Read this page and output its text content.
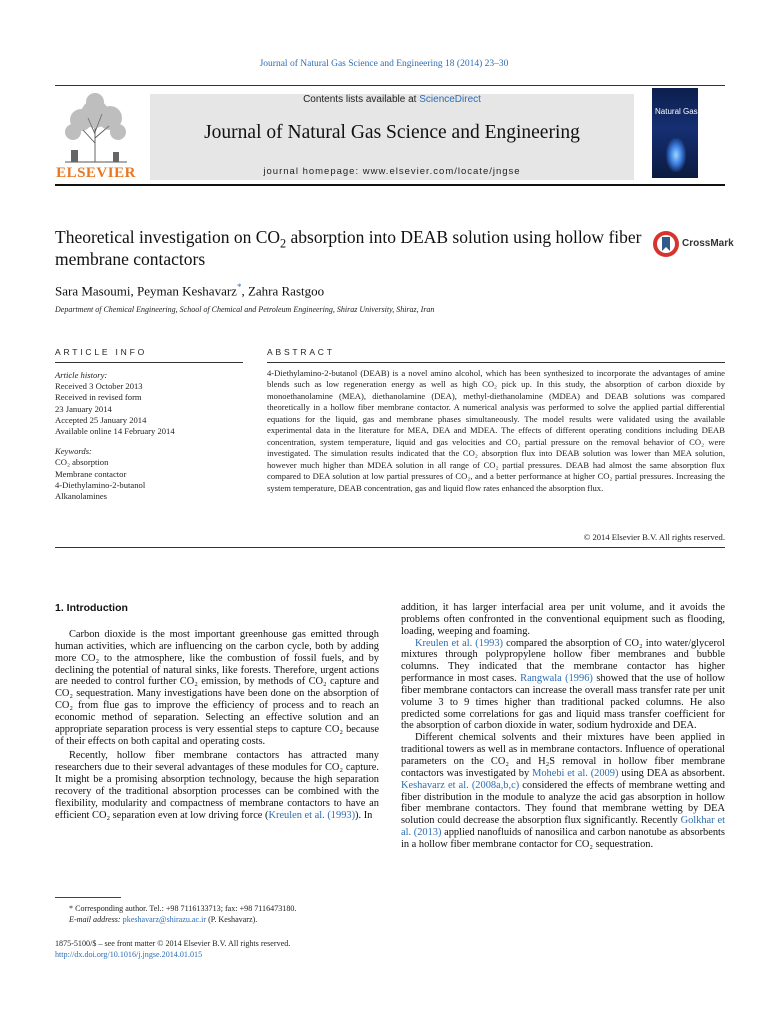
Journal of Natural Gas Science and Engineering 18 (2014) 23–30
ELSEVIER
Contents lists available at ScienceDirect
Journal of Natural Gas Science and Engineering
journal homepage: www.elsevier.com/locate/jngse
Natural Gas
Theoretical investigation on $CO_2$ absorption into DEAB solution using hollow fiber membrane contactors
CrossMark
Sara Masoumi, Peyman Keshavarz*, Zahra Rastgoo
Department of Chemical Engineering, School of Chemical and Petroleum Engineering, Shiraz University, Shiraz, Iran
ARTICLE INFO	ABSTRACT
Article history:
Received 3 October 2013
Received in revised form
23 January 2014
Accepted 25 January 2014
Available online 14 February 2014
Keywords:
CO₂ absorption
Membrane contactor
4-Diethylamino-2-butanol
Alkanolamines
4-Diethylamino-2-butanol (DEAB) is a novel amino alcohol, which has been synthesized to incorporate the advantages of amine blends such as low regeneration energy as well as high CO₂ pick up. In this study, the absorption of carbon dioxide by monoethanolamine (MEA), diethanolamine (DEA), methyl-diethanolamine (MDEA) and DEAB solutions was compared theoretically in a hollow fiber membrane contactor. A numerical analysis was performed to solve the applied partial differential equations for the liquid, gas and membrane phases simultaneously. The model results were validated using the available experimental data in the literature for MEA, DEA and MDEA. The effects of different operating conditions including DEAB concentration, system temperature, liquid and gas velocities and CO₂ partial pressure on the removal behavior of CO₂ were investigated. The simulation results indicated that the CO₂ absorption flux into DEAB solution was lower than MEA solution, however much higher than MDEA solution in all range of CO₂ partial pressures. DEAB had almost the same absorption flux compared to DEA solution at low partial pressures of CO₂, and a better performance at higher CO₂ partial pressures. Increasing the system temperature, DEAB concentration, gas and liquid flow rates enhanced the absorption flux.
© 2014 Elsevier B.V. All rights reserved.
1. Introduction

Carbon dioxide is the most important greenhouse gas emitted through human activities, which are influencing on the carbon cycle, both by adding more CO₂ to the atmosphere, like the combustion of fossil fuels, and by declining the potential of natural sinks, like forests. Therefore, urgent actions are needed to control further CO₂ emission, by methods of CO₂ capture and CO₂ sequestration. Many investigations have been done on the absorption of CO₂ from flue gas to improve the efficiency of process and to reach an economic method of separation. Selecting an effective solution and an appropriate separation process is very essential steps to capture CO₂ because of their effects on both capital and operating costs.

Recently, hollow fiber membrane contactors has attracted many researchers due to their several advantages of these modules for CO₂ capture. It might be a promising absorption technology, because the high separation recovery of the traditional absorption processes can be combined with the flexibility, modularity and compactness of membrane contactors to have an efficient CO₂ separation even at low driving force (Kreulen et al. (1993)). In

addition, it has larger interfacial area per unit volume, and it avoids the problems often confronted in the conventional equipment such as flooding, loading, weeping and foaming.

Kreulen et al. (1993) compared the absorption of CO₂ into water/glycerol mixtures through polypropylene hollow fiber membranes and bubble columns. They indicated that the membrane contactor has higher performance in most cases. Rangwala (1996) showed that the use of hollow fiber membrane contactors can increase the overall mass transfer rate per unit volume 3 to 9 times higher than traditional packed columns. He also predicted some correlations for gas and liquid mass transfer coefficient for the absorption of carbon dioxide in water, sodium hydroxide and DEA.

Different chemical solvents and their mixtures have been applied in traditional towers as well as in membrane contactors. Influence of operational parameters on the CO₂ and H₂S removal in hollow fiber membrane contactors was investigated by Mohebi et al. (2009) using DEA as absorbent. Keshavarz et al. (2008a,b,c) considered the effects of membrane wetting and fiber distribution in the module to analyze the acid gas absorption in hollow fiber membrane contactors. They found that membrane wetting by DEA solution could decrease the absorption flux significantly. Recently Golkhar et al. (2013) applied nanofluids of nanosilica and carbon nanotube as absorbents in a hollow fiber membrane contactor for CO₂ sequestration.

* Corresponding author. Tel.: +98 7116133713; fax: +98 7116473180.
E-mail address: pkeshavarz@shirazu.ac.ir (P. Keshavarz).
1875-5100/$ – see front matter © 2014 Elsevier B.V. All rights reserved.
http://dx.doi.org/10.1016/j.jngse.2014.01.015
